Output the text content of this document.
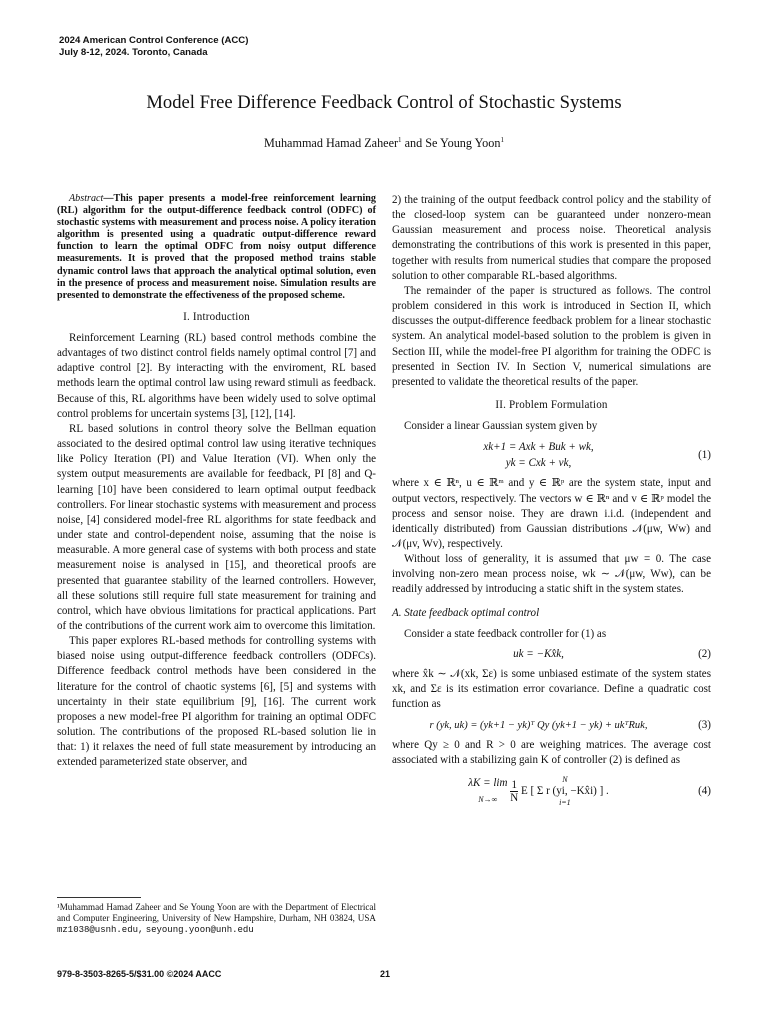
2024 American Control Conference (ACC)
July 8-12, 2024. Toronto, Canada
Model Free Difference Feedback Control of Stochastic Systems
Muhammad Hamad Zaheer$^1$ and Se Young Yoon$^1$

Abstract—This paper presents a model-free reinforcement learning (RL) algorithm for the output-difference feedback control (ODFC) of stochastic systems with measurement and process noise. A policy iteration algorithm is presented using a quadratic output-difference reward function to learn the optimal ODFC from noisy output difference measurements. It is proved that the proposed method trains stable dynamic control laws that approach the analytical optimal solution, even in the presence of process and measurement noise. Simulation results are presented to demonstrate the effectiveness of the proposed scheme.

I. Introduction

Reinforcement Learning (RL) based control methods combine the advantages of two distinct control fields namely optimal control [7] and adaptive control [2]. By interacting with the enviroment, RL based methods learn the optimal control law using reward stimuli as feedback. Because of this, RL algorithms have been widely used to solve optimal control problems for uncertain systems [3], [12], [14].

RL based solutions in control theory solve the Bellman equation associated to the desired optimal control law using iterative techniques like Policy Iteration (PI) and Value Iteration (VI). When only the system output measurements are available for feedback, PI [8] and Q-learning [10] have been considered to learn optimal output feedback controllers. For linear stochastic systems with measurement and process noise, [4] considered model-free RL algorithms for state feedback and under state and control-dependent noise, assuming that the noise is measurable. A more general case of systems with both process and state measurement noise is analysed in [15], and theoretical proofs are presented that guarantee stability of the learned controllers. However, all these solutions still require full state measurement for training and control, which have obvious limitations for practical applications. Part of the contributions of the current work aim to overcome this limitation.

This paper explores RL-based methods for controlling systems with biased noise using output-difference feedback controllers (ODFCs). Difference feedback control methods have been considered in the literature for the control of chaotic systems [6], [5] and systems with uncertainty in their state equilibrium [9], [16]. The current work proposes a new model-free PI algorithm for training an optimal ODFC solution. The contributions of the proposed RL-based solution lie in that: 1) it relaxes the need of full state measurement by introducing an extended parameterized state observer, and

¹Muhammad Hamad Zaheer and Se Young Yoon are with the Department of Electrical and Computer Engineering, University of New Hampshire, Durham, NH 03824, USA mz1038@usnh.edu, seyoung.yoon@unh.edu

2) the training of the output feedback control policy and the stability of the closed-loop system can be guaranteed under nonzero-mean Gaussian measurement and process noise. Theoretical analysis demonstrating the contributions of this work is presented in this paper, together with results from numerical studies that compare the proposed solution to other comparable RL-based algorithms.

The remainder of the paper is structured as follows. The control problem considered in this work is introduced in Section II, which discusses the output-difference feedback problem for a linear stochastic system. An analytical model-based solution to the problem is given in Section III, while the model-free PI algorithm for training the ODFC is presented in Section IV. In Section V, numerical simulations are presented to validate the theoretical results of the paper.

II. Problem Formulation

Consider a linear Gaussian system given by

xk+1 = Axk + Buk + wk,
yk = Cxk + vk,
(1)

where x ∈ ℝⁿ, u ∈ ℝᵐ and y ∈ ℝᵖ are the system state, input and output vectors, respectively. The vectors w ∈ ℝⁿ and v ∈ ℝᵖ model the process and sensor noise. They are drawn i.i.d. (independent and identically distributed) from Gaussian distributions 𝒩(μw, Ww) and 𝒩(μv, Wv), respectively.

Without loss of generality, it is assumed that μw = 0. The case involving non-zero mean process noise, wk ∼ 𝒩(μw, Ww), can be readily addressed by introducing a static shift in the system states.

A. State feedback optimal control

Consider a state feedback controller for (1) as

uk = −Kx̂k,	(2)

where x̂k ∼ 𝒩(xk, Σε) is some unbiased estimate of the system states xk, and Σε is its estimation error covariance. Define a quadratic cost function as

r (yk, uk) = (yk+1 − yk)ᵀ Qy (yk+1 − yk) + ukᵀRuk,	(3)

where Qy ≥ 0 and R > 0 are weighing matrices. The average cost associated with a stabilizing gain K of controller (2) is defined as

λK = lim
$N\to\infty \frac{1}{N}$
	N
E [ Σ r (yi, −Kx̂i) ] .
i=1
(4)
979-8-3503-8265-5/$31.00 ©2024 AACC	21
